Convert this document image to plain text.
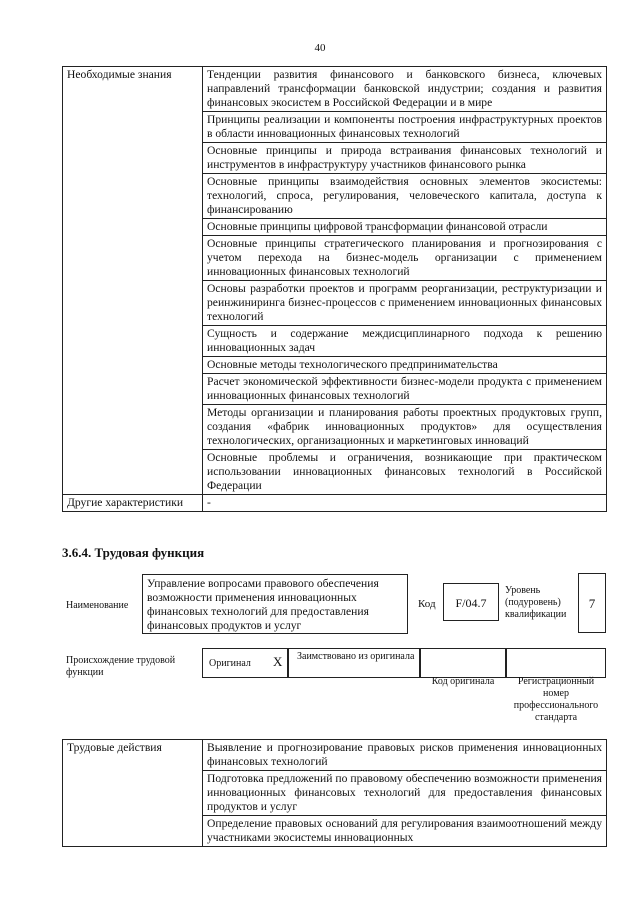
40
Необходимые знания	Тенденции развития финансового и банковского бизнеса, ключевых направлений трансформации банковской индустрии; создания и развития финансовых экосистем в Российской Федерации и в мире
	Принципы реализации и компоненты построения инфраструктурных проектов в области инновационных финансовых технологий
	Основные принципы и природа встраивания финансовых технологий и инструментов в инфраструктуру участников финансового рынка
	Основные принципы взаимодействия основных элементов экосистемы: технологий, спроса, регулирования, человеческого капитала, доступа к финансированию
	Основные принципы цифровой трансформации финансовой отрасли
	Основные принципы стратегического планирования и прогнозирования с учетом перехода на бизнес-модель организации с применением инновационных финансовых технологий
	Основы разработки проектов и программ реорганизации, реструктуризации и реинжиниринга бизнес-процессов с применением инновационных финансовых технологий
	Сущность и содержание междисциплинарного подхода к решению инновационных задач
	Основные методы технологического предпринимательства
	Расчет экономической эффективности бизнес-модели продукта с применением инновационных финансовых технологий
	Методы организации и планирования работы проектных продуктовых групп, создания «фабрик инновационных продуктов» для осуществления технологических, организационных и маркетинговых инноваций
	Основные проблемы и ограничения, возникающие при практическом использовании инновационных финансовых технологий в Российской Федерации
Другие характеристики	-
3.6.4. Трудовая функция
Наименование
Управление вопросами правового обеспечения возможности применения инновационных финансовых технологий для предоставления финансовых продуктов и услуг
Код	F/04.7
Уровень (подуровень) квалификации
7
Происхождение трудовой функции
Оригинал X Заимствовано из оригинала
Код оригинала	Регистрационный номер профессионального стандарта
Трудовые действия	Выявление и прогнозирование правовых рисков применения инновационных финансовых технологий
Подготовка предложений по правовому обеспечению возможности применения инновационных финансовых технологий для предоставления финансовых продуктов и услуг
Определение правовых оснований для регулирования взаимоотношений между участниками экосистемы инновационных
